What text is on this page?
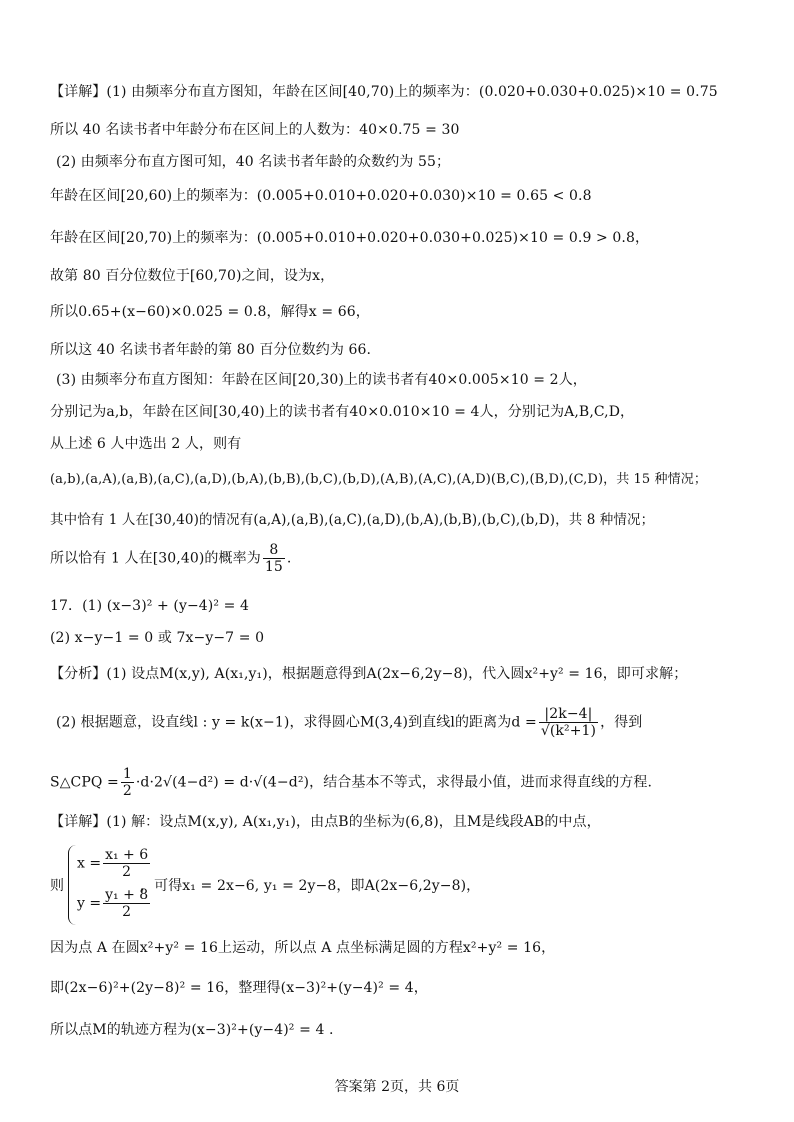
【详解】(1) 由频率分布直方图知，年龄在区间[40,70)上的频率为：(0.020+0.030+0.025)×10 = 0.75
所以 40 名读书者中年龄分布在区间上的人数为：40×0.75 = 30
(2) 由频率分布直方图可知，40 名读书者年龄的众数约为 55；
年龄在区间[20,60)上的频率为：(0.005+0.010+0.020+0.030)×10 = 0.65 < 0.8
年龄在区间[20,70)上的频率为：(0.005+0.010+0.020+0.030+0.025)×10 = 0.9 > 0.8，
故第 80 百分位数位于[60,70)之间，设为x，
所以0.65+(x−60)×0.025 = 0.8，解得x = 66，
所以这 40 名读书者年龄的第 80 百分位数约为 66.
(3) 由频率分布直方图知：年龄在区间[20,30)上的读书者有40×0.005×10 = 2人，
分别记为a,b，年龄在区间[30,40)上的读书者有40×0.010×10 = 4人，分别记为A,B,C,D，
从上述 6 人中选出 2 人，则有
(a,b),(a,A),(a,B),(a,C),(a,D),(b,A),(b,B),(b,C),(b,D),(A,B),(A,C),(A,D)(B,C),(B,D),(C,D)，共 15 种情况；
其中恰有 1 人在[30,40)的情况有(a,A),(a,B),(a,C),(a,D),(b,A),(b,B),(b,C),(b,D)，共 8 种情况；
所以恰有 1 人在[30,40)的概率为 $\frac{8}{15}$ .
17．(1) (x−3)² + (y−4)² = 4
(2) x−y−1 = 0 或 7x−y−7 = 0
【分析】(1) 设点M(x,y), A(x₁,y₁)，根据题意得到A(2x−6,2y−8)，代入圆x²+y² = 16，即可求解；
(2) 根据题意，设直线l : y = k(x−1)，求得圆心M(3,4)到直线l的距离为$d = \frac{|2k-4|}{\text{√(k²+1)}}$ ，得到
S△CPQ = $\frac{1}{2} \cdot d\cdot 2√(4-d^2) = d\cdot√(4-d^2)$，结合基本不等式，求得最小值，进而求得直线的方程.
【详解】(1) 解：设点M(x,y), A(x₁,y₁)，由点B的坐标为(6,8)，且M是线段AB的中点，
则
$x = \frac{\text{x₁ + 6}}{2}$
$y = \frac{\text{y₁ + 8}}{2}$
，可得x₁ = 2x−6, y₁ = 2y−8，即A(2x−6,2y−8)，
因为点 A 在圆x²+y² = 16上运动，所以点 A 点坐标满足圆的方程x²+y² = 16，
即(2x−6)²+(2y−8)² = 16，整理得(x−3)²+(y−4)² = 4，
所以点M的轨迹方程为(x−3)²+(y−4)² = 4 .
答案第 2页，共 6页
